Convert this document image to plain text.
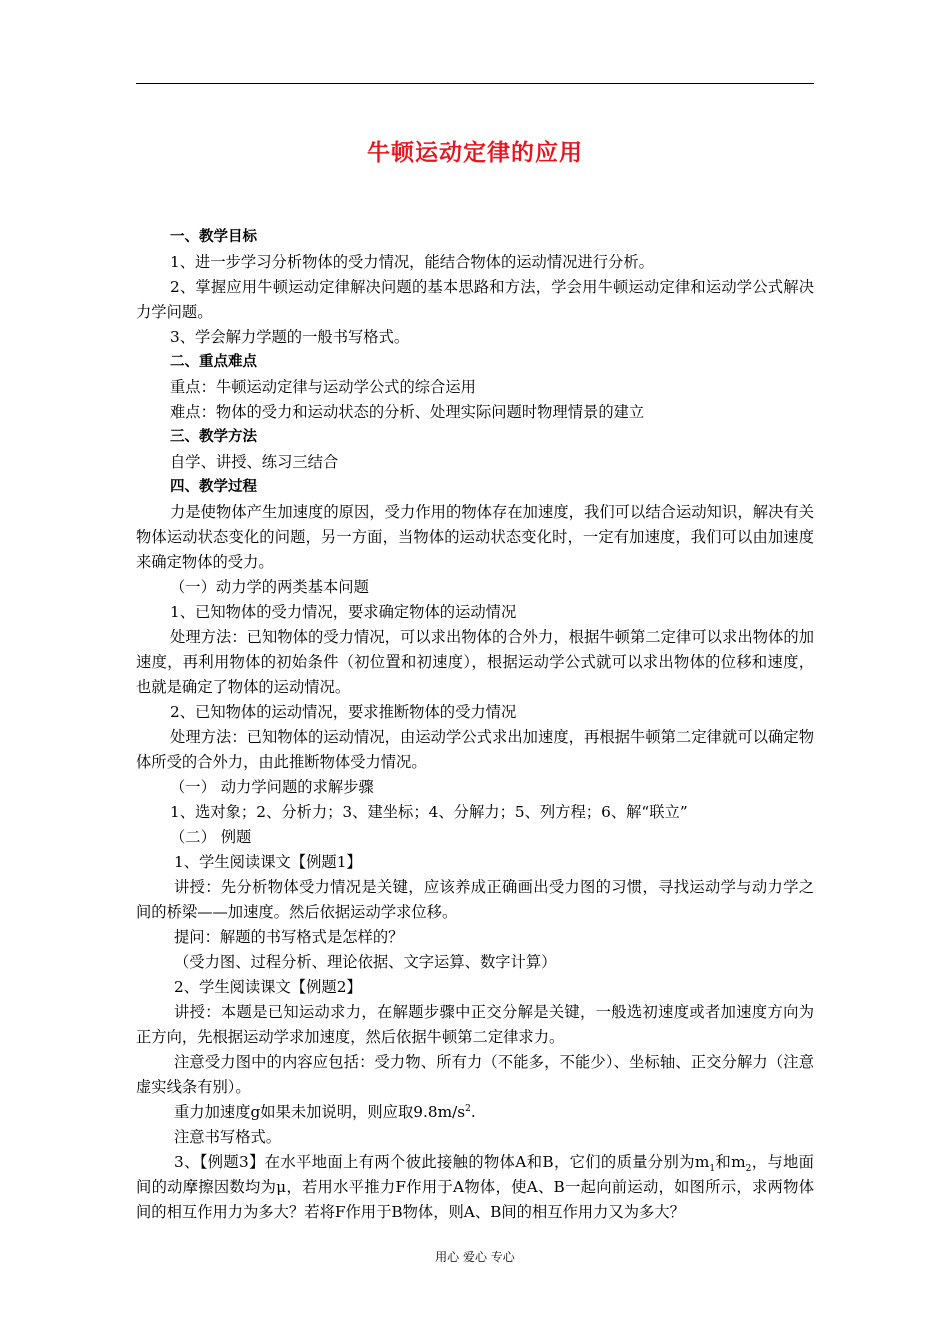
牛顿运动定律的应用

一、教学目标

1、进一步学习分析物体的受力情况，能结合物体的运动情况进行分析。

2、掌握应用牛顿运动定律解决问题的基本思路和方法，学会用牛顿运动定律和运动学公式解决力学问题。

3、学会解力学题的一般书写格式。

二、重点难点

重点：牛顿运动定律与运动学公式的综合运用

难点：物体的受力和运动状态的分析、处理实际问题时物理情景的建立

三、教学方法

自学、讲授、练习三结合

四、教学过程

力是使物体产生加速度的原因，受力作用的物体存在加速度，我们可以结合运动知识，解决有关物体运动状态变化的问题，另一方面，当物体的运动状态变化时，一定有加速度，我们可以由加速度来确定物体的受力。

（一）动力学的两类基本问题

1、已知物体的受力情况，要求确定物体的运动情况

处理方法：已知物体的受力情况，可以求出物体的合外力，根据牛顿第二定律可以求出物体的加速度，再利用物体的初始条件（初位置和初速度），根据运动学公式就可以求出物体的位移和速度，也就是确定了物体的运动情况。

2、已知物体的运动情况，要求推断物体的受力情况

处理方法：已知物体的运动情况，由运动学公式求出加速度，再根据牛顿第二定律就可以确定物体所受的合外力，由此推断物体受力情况。

（一） 动力学问题的求解步骤

1、选对象；2、分析力；3、建坐标；4、分解力；5、列方程；6、解“联立”

（二） 例题

1、学生阅读课文【例题1】

讲授：先分析物体受力情况是关键，应该养成正确画出受力图的习惯，寻找运动学与动力学之间的桥梁——加速度。然后依据运动学求位移。

提问：解题的书写格式是怎样的？

（受力图、过程分析、理论依据、文字运算、数字计算）

2、学生阅读课文【例题2】

讲授：本题是已知运动求力，在解题步骤中正交分解是关键，一般选初速度或者加速度方向为正方向，先根据运动学求加速度，然后依据牛顿第二定律求力。

注意受力图中的内容应包括：受力物、所有力（不能多，不能少）、坐标轴、正交分解力（注意虚实线条有别）。

重力加速度g如果未加说明，则应取$9.8m/s^2$.

注意书写格式。

3、【例题3】在水平地面上有两个彼此接触的物体A和B，它们的质量分别为$m_1$和$m_2$，与地面间的动摩擦因数均为μ，若用水平推力F作用于A物体，使A、B一起向前运动，如图所示，求两物体间的相互作用力为多大？若将F作用于B物体，则A、B间的相互作用力又为多大？

用心 爱心 专心
